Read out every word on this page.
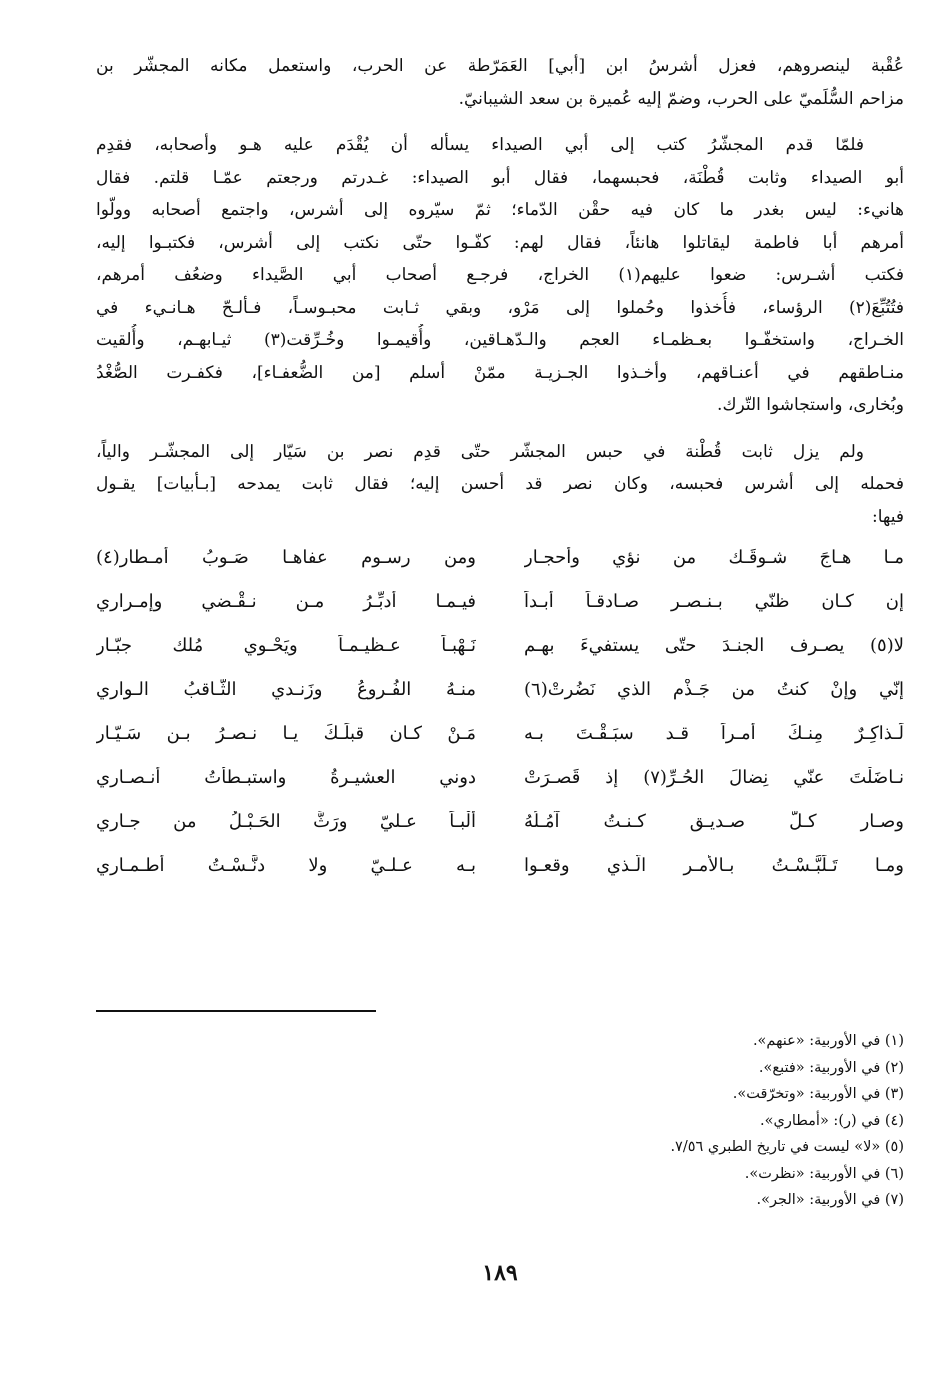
عُقْبة لينصروهم، فعزل أشرسُ ابن [أبي] العَمَرّطة عن الحرب، واستعمل مكانه المجشّر بن
مزاحم السُّلَميّ على الحرب، وضمّ إليه عُميرة بن سعد الشيبانيّ.
فلمّا قدم المجشّرُ كتب إلى أبي الصيداء يسأله أن يُقْدَم عليه هـو وأصحابه، فقدِم
أبو الصيداء وثابت قُطْنَة، فحبسهما، فقال أبو الصيداء: غـدرتم ورجعتم عمّـا قلتم. فقال
هانيء: ليس بغدر ما كان فيه حقْن الدّماء؛ ثمّ سيّروه إلى أشرس، واجتمع أصحابه وولّوا
أمرهم أبا فاطمة ليقاتلوا هانئاً، فقال لهم: كفّـوا حتّى نكتب إلى أشرس، فكتبـوا إليه،
فكتب أشـرس: ضعوا عليهم(١) الخراج، فرجـع أصحاب أبي الصَّيداء وضعُف أمرهم،
فتُتُبِّعَ(٢) الرؤساء، فأُخذوا وحُملوا إلى مَرْو، وبقي ثـابت محبـوسـاً، فـألـحّ هـانـيء في
الخـراج، واستخفّـوا بعـظمـاء العجم والـدّهـاقين، وأُقيمـوا وخُـرِّقت(٣) ثيـابهـم، وأُلقيت
منـاطقهم في أعنـاقهم، وأخـذوا الجـزيـة ممّنْ أسلم [من الضُّعفـاء]، فكفـرت الصُّغْدُ
وبُخارى، واستجاشوا التّرك.
ولم يزل ثابت قُطْنة في حبس المجشّر حتّى قدِم نصر بن سَيّار إلى المجشّـر والياً،
فحمله إلى أشرس فحبسه، وكان نصر قد أحسن إليه؛ فقال ثابت يمدحه [بـأبيات] يقـول
فيها:
مـا هـاجَ شـوقَـك من نؤيٍ وأحجـارِ
ومن رسـوم عفاهـا صَـوبُ أمـطارِ(٤)
إن كـان ظنّي بـنـصـر صـادقـاً أبـداً
فيـمـا أُدبِّـرُ مـن نـقْـضي وإمـراري
لا(٥) يصـرف الجنـدَ حتّى يستفيءَ بهـم
نَـهْبـاً عـظيـمـاً ويَحْـوي مُلك جبّـارِ
إنّي وإنْ كنتُ من جَـذْم الذي نَضُرتْ(٦)
منـهُ الفُـروعُ وزَنـدي الثّـاقبُ الـواري
لَـذاكِـرٌ مِنـكَ أمـراً قـد سبَـقْـتَ بـه
مَـنْ كـان قبلَـكَ يـا نـصـرُ بـن سَـيّـارِ
نـاضَلْتَ عنّي نِضالَ الحُـرِّ(٧) إذ قَصـرَتْ
دوني العشيـرةُ واستبـطأْتُ أنـصـاري
وصـار كـلُّ صـديـقٍ كـنـتُ آمُـلُهُ
ألْبـاً عـليّ ورَثَّ الحَـبْـلُ من جـاري
ومـا تَـلَبَّـسْـتُ بـالأمـرِ الّـذي وقعـوا
بـه عـلـيّ ولا دنَّـسْـتُ أطـمـاري
(١) في الأوربية: «عنهم».
(٢) في الأوربية: «فتبع».
(٣) في الأوربية: «وتخرّقت».
(٤) في (ر): «أمطاري».
(٥) «لا» ليست في تاريخ الطبري ٧/٥٦.
(٦) في الأوربية: «نظرت».
(٧) في الأوربية: «الجر».
١٨٩
